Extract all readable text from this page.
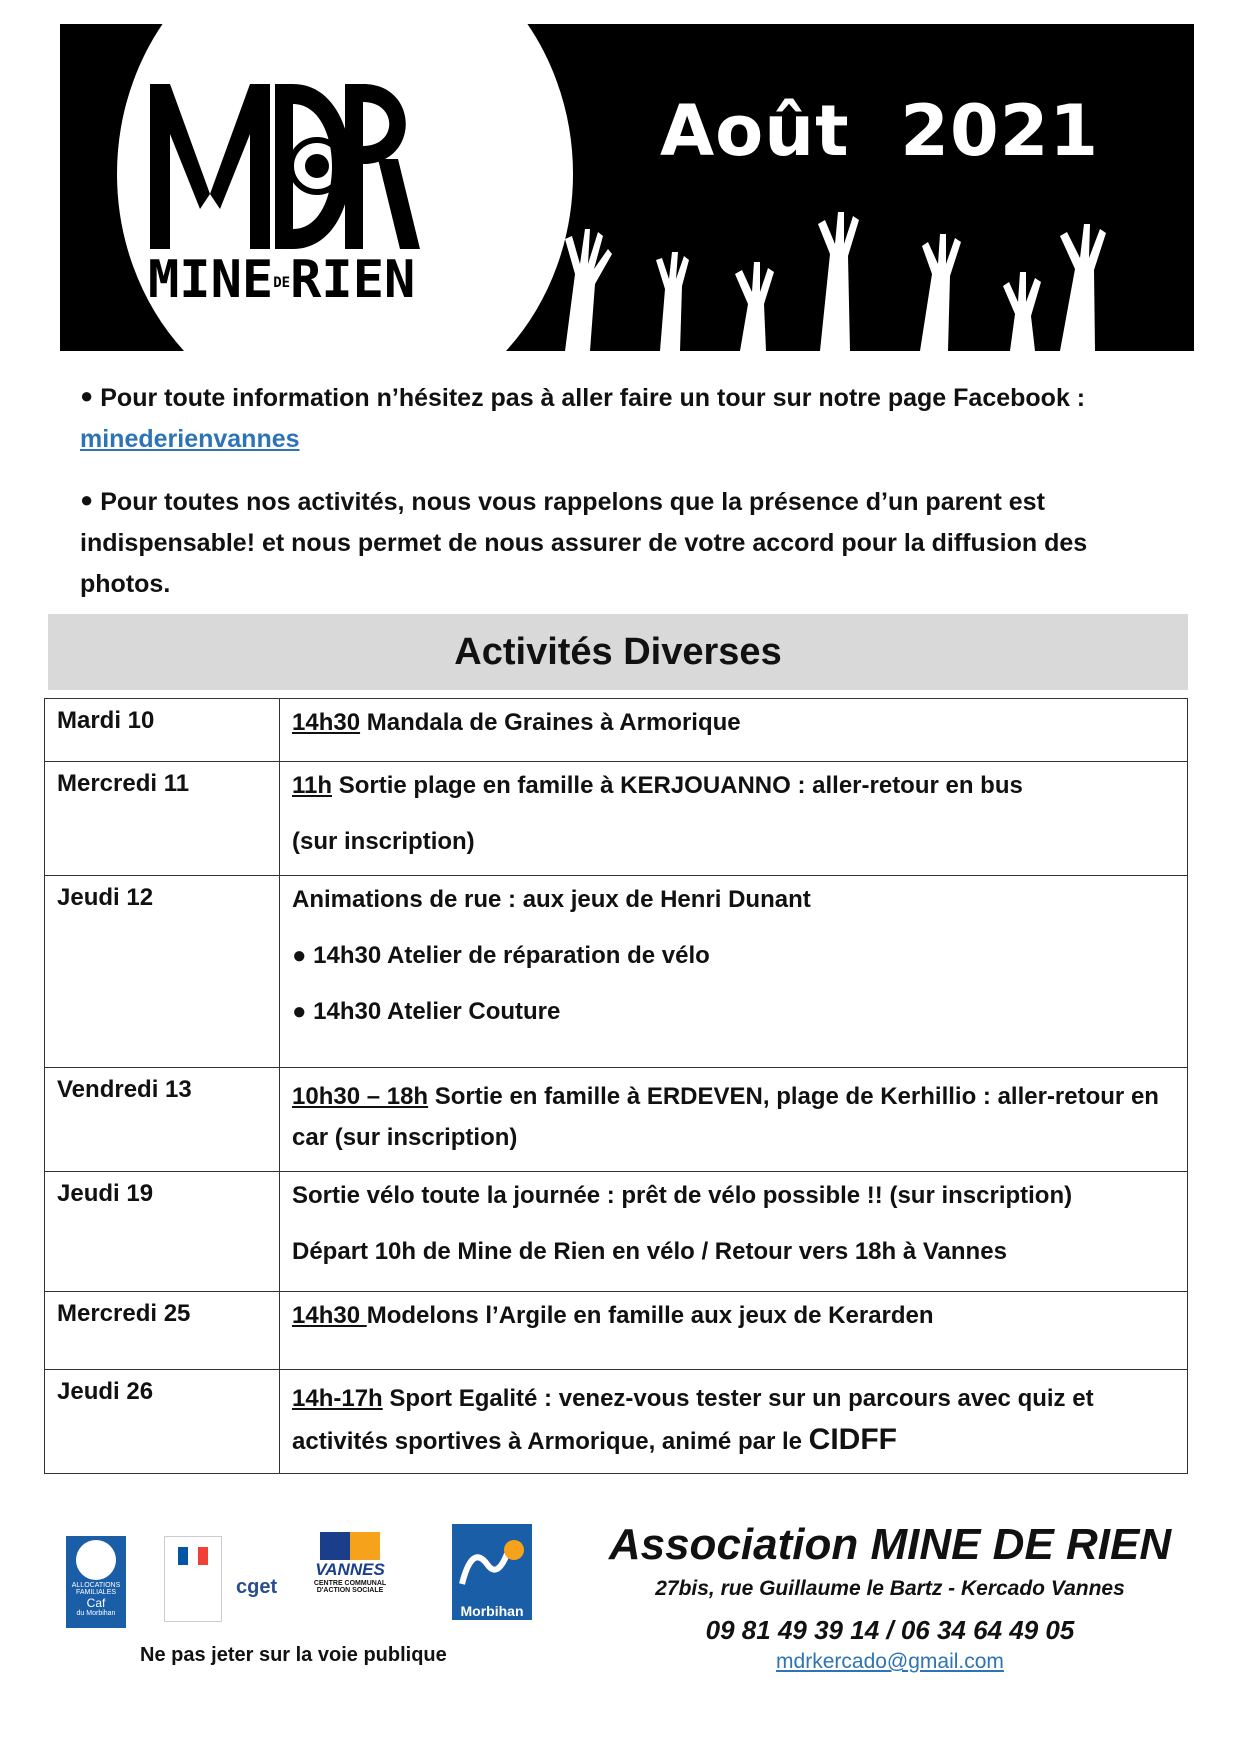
MINEDERIEN
Août  2021
● Pour toute information n’hésitez pas à aller faire un tour sur notre page Facebook :
minederienvannes
● Pour toutes nos activités, nous vous rappelons que la présence d’un parent est indispensable! et nous permet de nous assurer de votre accord pour la diffusion des photos.
Activités Diverses
Mardi 10	14h30 Mandala de Graines à Armorique

Mercredi 11	11h Sortie plage en famille à KERJOUANNO : aller-retour en bus
(sur inscription)

Jeudi 12	Animations de rue : aux jeux de Henri Dunant
● 14h30 Atelier de réparation de vélo
● 14h30 Atelier Couture

Vendredi 13	10h30 – 18h Sortie en famille à ERDEVEN, plage de Kerhillio : aller-retour en car (sur inscription)

Jeudi 19	Sortie vélo toute la journée : prêt de vélo possible !! (sur inscription)
Départ 10h de Mine de Rien en vélo / Retour vers 18h à Vannes

Mercredi 25	14h30 Modelons l’Argile en famille aux jeux de Kerarden

Jeudi 26	14h-17h Sport Egalité : venez-vous tester sur un parcours avec quiz et activités sportives à Armorique, animé par le CIDFF
ALLOCATIONS FAMILIALES
Caf
du Morbihan
cget
VANNES
CENTRE COMMUNAL D'ACTION SOCIALE
Morbihan
Ne pas jeter sur la voie publique
Association MINE DE RIEN
27bis, rue Guillaume le Bartz - Kercado Vannes
09 81 49 39 14 / 06 34 64 49 05
mdrkercado@gmail.com
